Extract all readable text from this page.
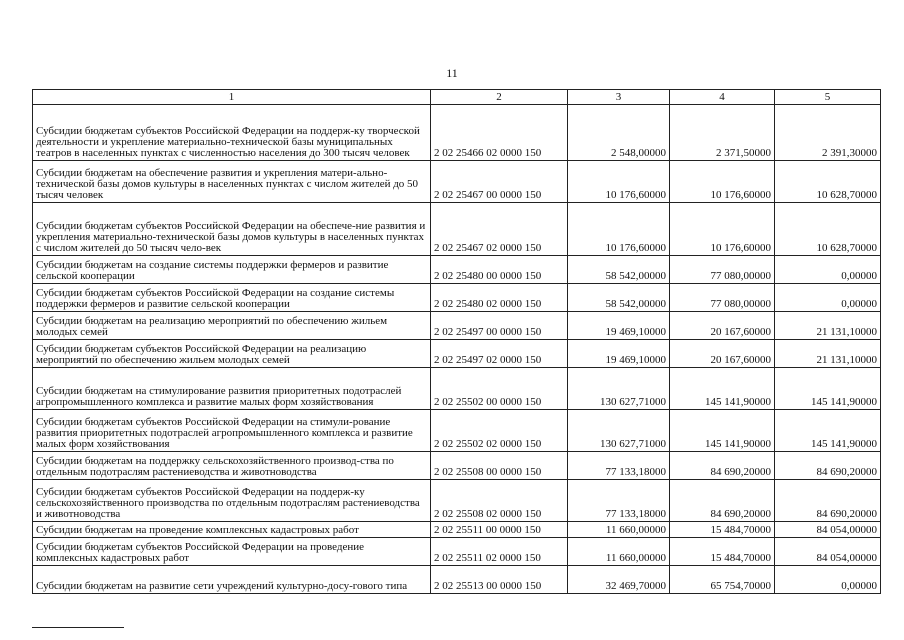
11
1	2	3	4	5
Субсидии бюджетам субъектов Российской Федерации на поддерж-ку творческой деятельности и укрепление материально-технической базы муниципальных театров в населенных пунктах с численностью населения до 300 тысяч человек	2 02 25466 02 0000 150	2 548,00000	2 371,50000	2 391,30000
Субсидии бюджетам на обеспечение развития и укрепления матери-ально-технической базы домов культуры в населенных пунктах с числом жителей до 50 тысяч человек	2 02 25467 00 0000 150	10 176,60000	10 176,60000	10 628,70000
Субсидии бюджетам субъектов Российской Федерации на обеспече-ние развития и укрепления материально-технической базы домов культуры в населенных пунктах с числом жителей до 50 тысяч чело-век	2 02 25467 02 0000 150	10 176,60000	10 176,60000	10 628,70000
Субсидии бюджетам на создание системы поддержки фермеров и развитие сельской кооперации	2 02 25480 00 0000 150	58 542,00000	77 080,00000	0,00000
Субсидии бюджетам субъектов Российской Федерации на создание системы поддержки фермеров и развитие сельской кооперации	2 02 25480 02 0000 150	58 542,00000	77 080,00000	0,00000
Субсидии бюджетам на реализацию мероприятий по обеспечению жильем молодых семей	2 02 25497 00 0000 150	19 469,10000	20 167,60000	21 131,10000
Субсидии бюджетам субъектов Российской Федерации на реализацию мероприятий по обеспечению жильем молодых семей	2 02 25497 02 0000 150	19 469,10000	20 167,60000	21 131,10000
Субсидии бюджетам на стимулирование развития приоритетных подотраслей агропромышленного комплекса и развитие малых форм хозяйствования	2 02 25502 00 0000 150	130 627,71000	145 141,90000	145 141,90000
Субсидии бюджетам субъектов Российской Федерации на стимули-рование развития приоритетных подотраслей агропромышленного комплекса и развитие малых форм хозяйствования	2 02 25502 02 0000 150	130 627,71000	145 141,90000	145 141,90000
Субсидии бюджетам на поддержку сельскохозяйственного производ-ства по отдельным подотраслям растениеводства и животноводства	2 02 25508 00 0000 150	77 133,18000	84 690,20000	84 690,20000
Субсидии бюджетам субъектов Российской Федерации на поддерж-ку сельскохозяйственного производства по отдельным подотраслям растениеводства и животноводства	2 02 25508 02 0000 150	77 133,18000	84 690,20000	84 690,20000
Субсидии бюджетам на проведение комплексных кадастровых работ	2 02 25511 00 0000 150	11 660,00000	15 484,70000	84 054,00000
Субсидии бюджетам субъектов Российской Федерации на проведение комплексных кадастровых работ	2 02 25511 02 0000 150	11 660,00000	15 484,70000	84 054,00000
Субсидии бюджетам на развитие сети учреждений культурно-досу-гового типа	2 02 25513 00 0000 150	32 469,70000	65 754,70000	0,00000
